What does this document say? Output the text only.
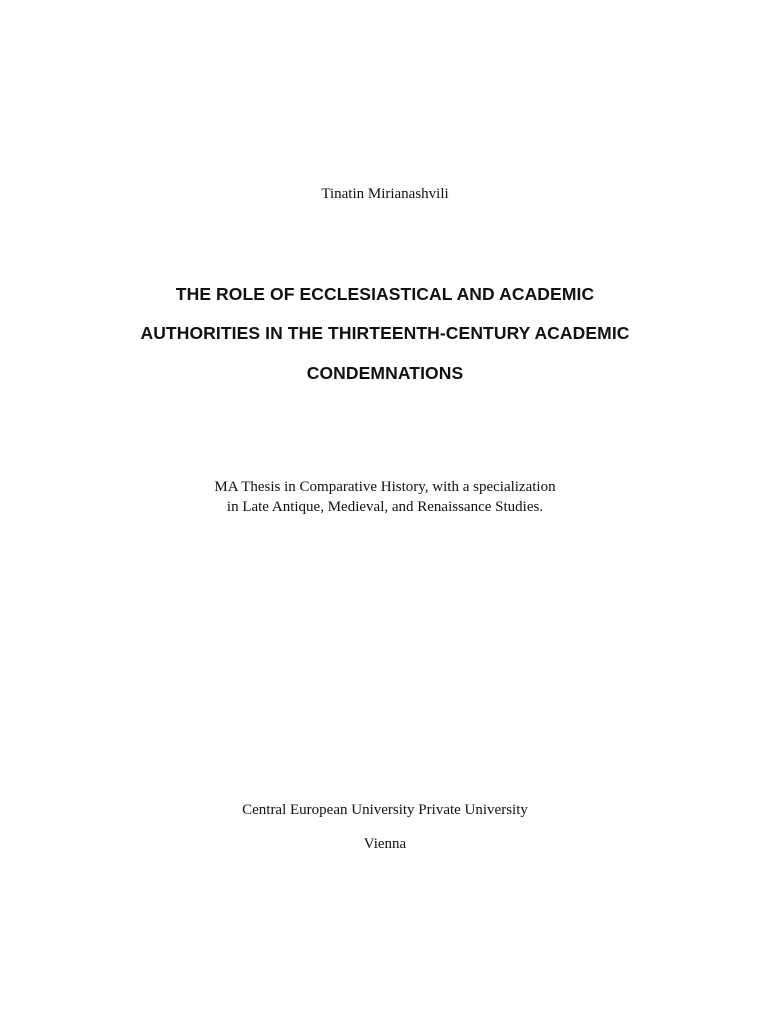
Tinatin Mirianashvili
THE ROLE OF ECCLESIASTICAL AND ACADEMIC
AUTHORITIES IN THE THIRTEENTH-CENTURY ACADEMIC
CONDEMNATIONS
MA Thesis in Comparative History, with a specialization
in Late Antique, Medieval, and Renaissance Studies.
Central European University Private University
Vienna
